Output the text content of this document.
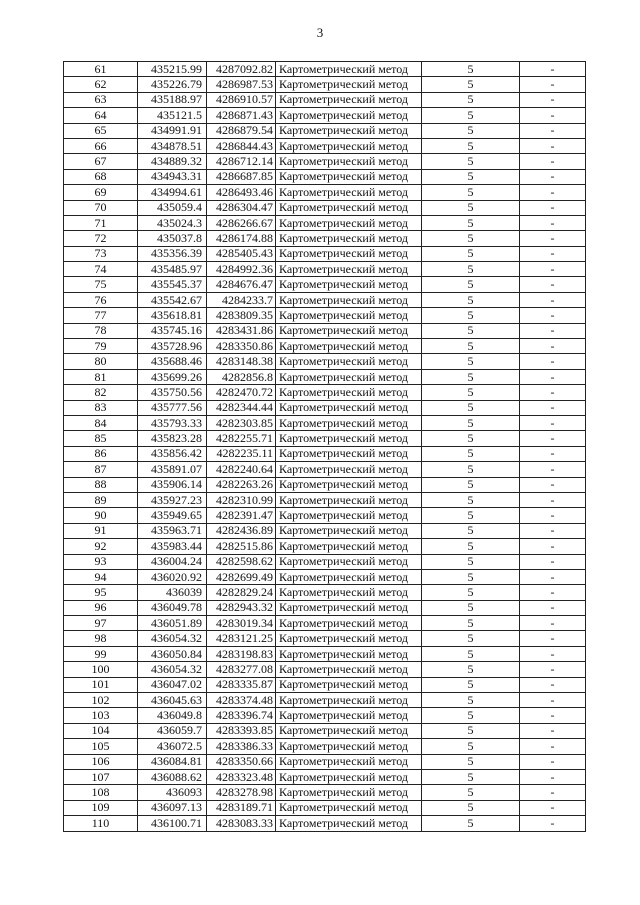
3
61	435215.99	4287092.82	Картометрический метод	5	-
62	435226.79	4286987.53	Картометрический метод	5	-
63	435188.97	4286910.57	Картометрический метод	5	-
64	435121.5	4286871.43	Картометрический метод	5	-
65	434991.91	4286879.54	Картометрический метод	5	-
66	434878.51	4286844.43	Картометрический метод	5	-
67	434889.32	4286712.14	Картометрический метод	5	-
68	434943.31	4286687.85	Картометрический метод	5	-
69	434994.61	4286493.46	Картометрический метод	5	-
70	435059.4	4286304.47	Картометрический метод	5	-
71	435024.3	4286266.67	Картометрический метод	5	-
72	435037.8	4286174.88	Картометрический метод	5	-
73	435356.39	4285405.43	Картометрический метод	5	-
74	435485.97	4284992.36	Картометрический метод	5	-
75	435545.37	4284676.47	Картометрический метод	5	-
76	435542.67	4284233.7	Картометрический метод	5	-
77	435618.81	4283809.35	Картометрический метод	5	-
78	435745.16	4283431.86	Картометрический метод	5	-
79	435728.96	4283350.86	Картометрический метод	5	-
80	435688.46	4283148.38	Картометрический метод	5	-
81	435699.26	4282856.8	Картометрический метод	5	-
82	435750.56	4282470.72	Картометрический метод	5	-
83	435777.56	4282344.44	Картометрический метод	5	-
84	435793.33	4282303.85	Картометрический метод	5	-
85	435823.28	4282255.71	Картометрический метод	5	-
86	435856.42	4282235.11	Картометрический метод	5	-
87	435891.07	4282240.64	Картометрический метод	5	-
88	435906.14	4282263.26	Картометрический метод	5	-
89	435927.23	4282310.99	Картометрический метод	5	-
90	435949.65	4282391.47	Картометрический метод	5	-
91	435963.71	4282436.89	Картометрический метод	5	-
92	435983.44	4282515.86	Картометрический метод	5	-
93	436004.24	4282598.62	Картометрический метод	5	-
94	436020.92	4282699.49	Картометрический метод	5	-
95	436039	4282829.24	Картометрический метод	5	-
96	436049.78	4282943.32	Картометрический метод	5	-
97	436051.89	4283019.34	Картометрический метод	5	-
98	436054.32	4283121.25	Картометрический метод	5	-
99	436050.84	4283198.83	Картометрический метод	5	-
100	436054.32	4283277.08	Картометрический метод	5	-
101	436047.02	4283335.87	Картометрический метод	5	-
102	436045.63	4283374.48	Картометрический метод	5	-
103	436049.8	4283396.74	Картометрический метод	5	-
104	436059.7	4283393.85	Картометрический метод	5	-
105	436072.5	4283386.33	Картометрический метод	5	-
106	436084.81	4283350.66	Картометрический метод	5	-
107	436088.62	4283323.48	Картометрический метод	5	-
108	436093	4283278.98	Картометрический метод	5	-
109	436097.13	4283189.71	Картометрический метод	5	-
110	436100.71	4283083.33	Картометрический метод	5	-
